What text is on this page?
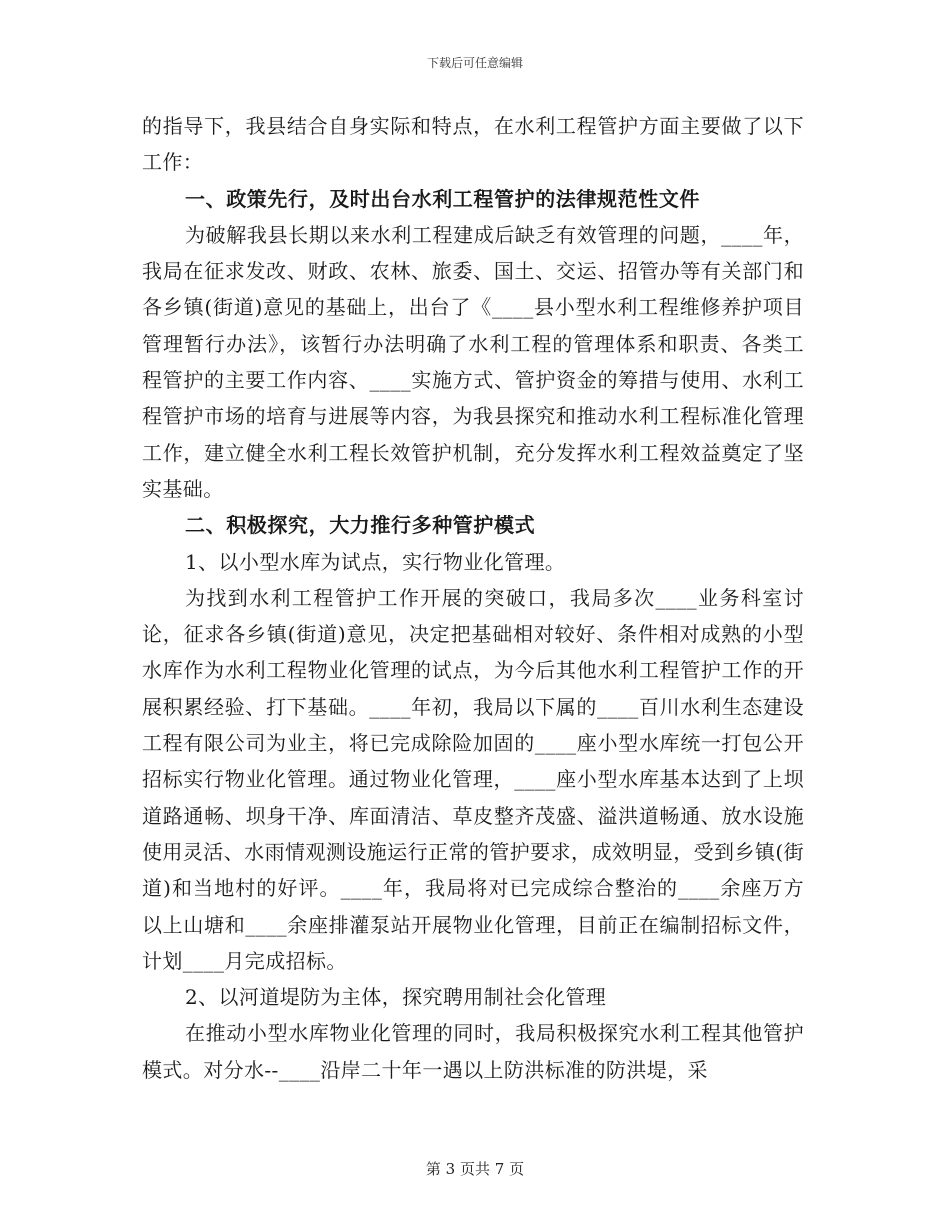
下载后可任意编辑

的指导下，我县结合自身实际和特点，在水利工程管护方面主要做了以下工作：

一、政策先行，及时出台水利工程管护的法律规范性文件

为破解我县长期以来水利工程建成后缺乏有效管理的问题，____年，我局在征求发改、财政、农林、旅委、国土、交运、招管办等有关部门和各乡镇(街道)意见的基础上，出台了《____县小型水利工程维修养护项目管理暂行办法》，该暂行办法明确了水利工程的管理体系和职责、各类工程管护的主要工作内容、____实施方式、管护资金的筹措与使用、水利工程管护市场的培育与进展等内容，为我县探究和推动水利工程标准化管理工作，建立健全水利工程长效管护机制，充分发挥水利工程效益奠定了坚实基础。

二、积极探究，大力推行多种管护模式

1、以小型水库为试点，实行物业化管理。

为找到水利工程管护工作开展的突破口，我局多次____业务科室讨论，征求各乡镇(街道)意见，决定把基础相对较好、条件相对成熟的小型水库作为水利工程物业化管理的试点，为今后其他水利工程管护工作的开展积累经验、打下基础。____年初，我局以下属的____百川水利生态建设工程有限公司为业主，将已完成除险加固的____座小型水库统一打包公开招标实行物业化管理。通过物业化管理，____座小型水库基本达到了上坝道路通畅、坝身干净、库面清洁、草皮整齐茂盛、溢洪道畅通、放水设施使用灵活、水雨情观测设施运行正常的管护要求，成效明显，受到乡镇(街道)和当地村的好评。____年，我局将对已完成综合整治的____余座万方以上山塘和____余座排灌泵站开展物业化管理，目前正在编制招标文件，计划____月完成招标。

2、以河道堤防为主体，探究聘用制社会化管理

在推动小型水库物业化管理的同时，我局积极探究水利工程其他管护模式。对分水--____沿岸二十年一遇以上防洪标准的防洪堤，采

第 3 页共 7 页
